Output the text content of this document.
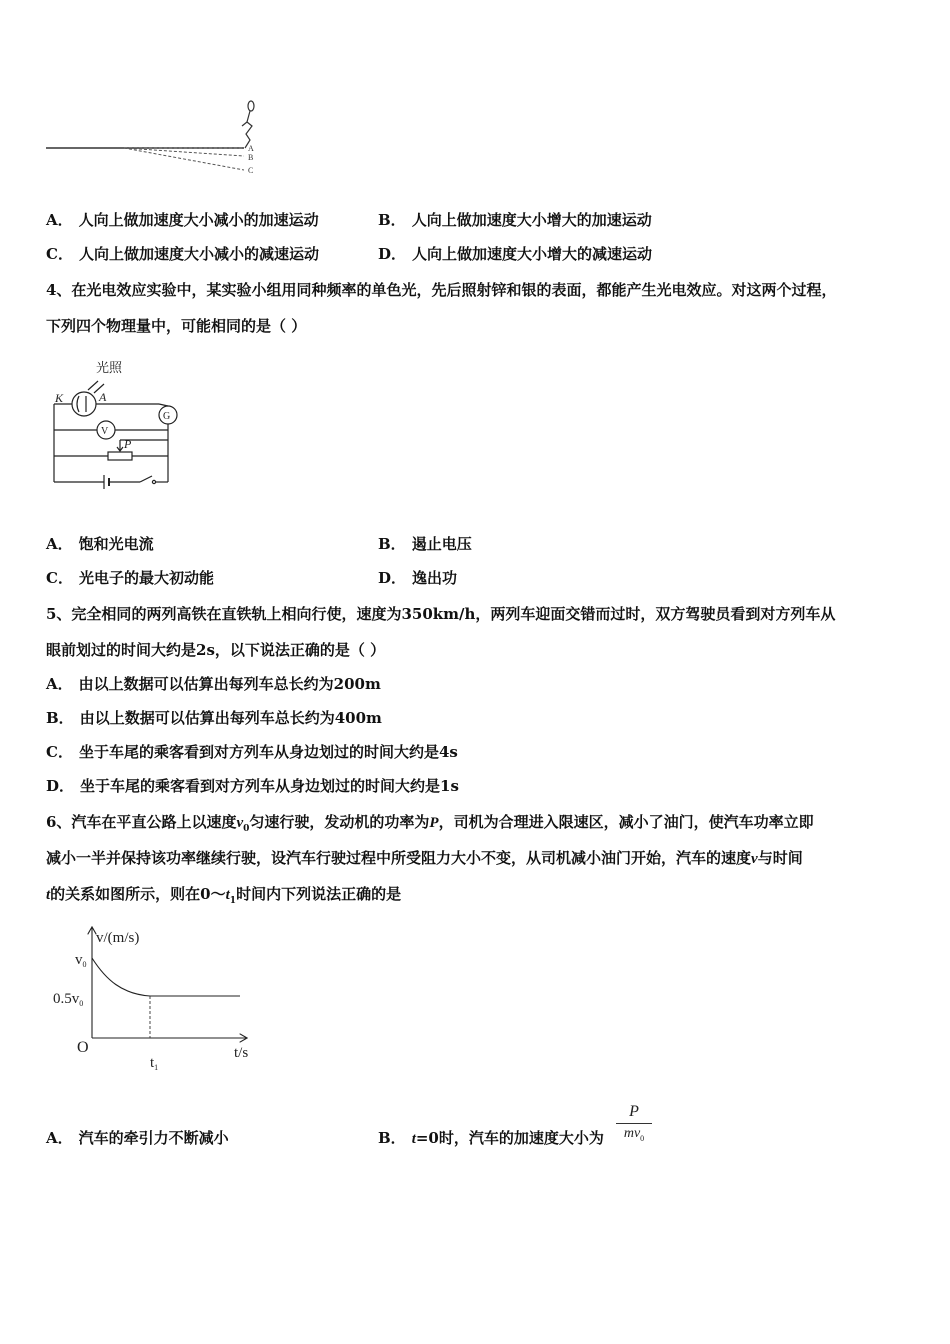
A
B
C
A． 人向上做加速度大小减小的加速运动	B． 人向上做加速度大小增大的加速运动
C． 人向上做加速度大小减小的减速运动	D． 人向上做加速度大小增大的减速运动
4、在光电效应实验中，某实验小组用同种频率的单色光，先后照射锌和银的表面，都能产生光电效应。对这两个过程，
下列四个物理量中，可能相同的是（ ）
光照
K	A
G
V
P
A． 饱和光电流	B． 遏止电压
C． 光电子的最大初动能	D． 逸出功
5、完全相同的两列高铁在直铁轨上相向行使，速度为350km/h，两列车迎面交错而过时，双方驾驶员看到对方列车从
眼前划过的时间大约是2s，以下说法正确的是（ ）
A． 由以上数据可以估算出每列车总长约为200m
B． 由以上数据可以估算出每列车总长约为400m
C． 坐于车尾的乘客看到对方列车从身边划过的时间大约是4s
D． 坐于车尾的乘客看到对方列车从身边划过的时间大约是1s
6、汽车在平直公路上以速度$v_0$匀速行驶，发动机的功率为P，司机为合理进入限速区，减小了油门，使汽车功率立即
减小一半并保持该功率继续行驶，设汽车行驶过程中所受阻力大小不变，从司机减小油门开始，汽车的速度v与时间
t的关系如图所示，则在$0\sim t_1$时间内下列说法正确的是
v/(m/s)
$v_0$
$0.5v_0$
O
$t_1$
t/s
A． 汽车的牵引力不断减小	B． t=0时，汽车的加速度大小为
P
$mv_0$
